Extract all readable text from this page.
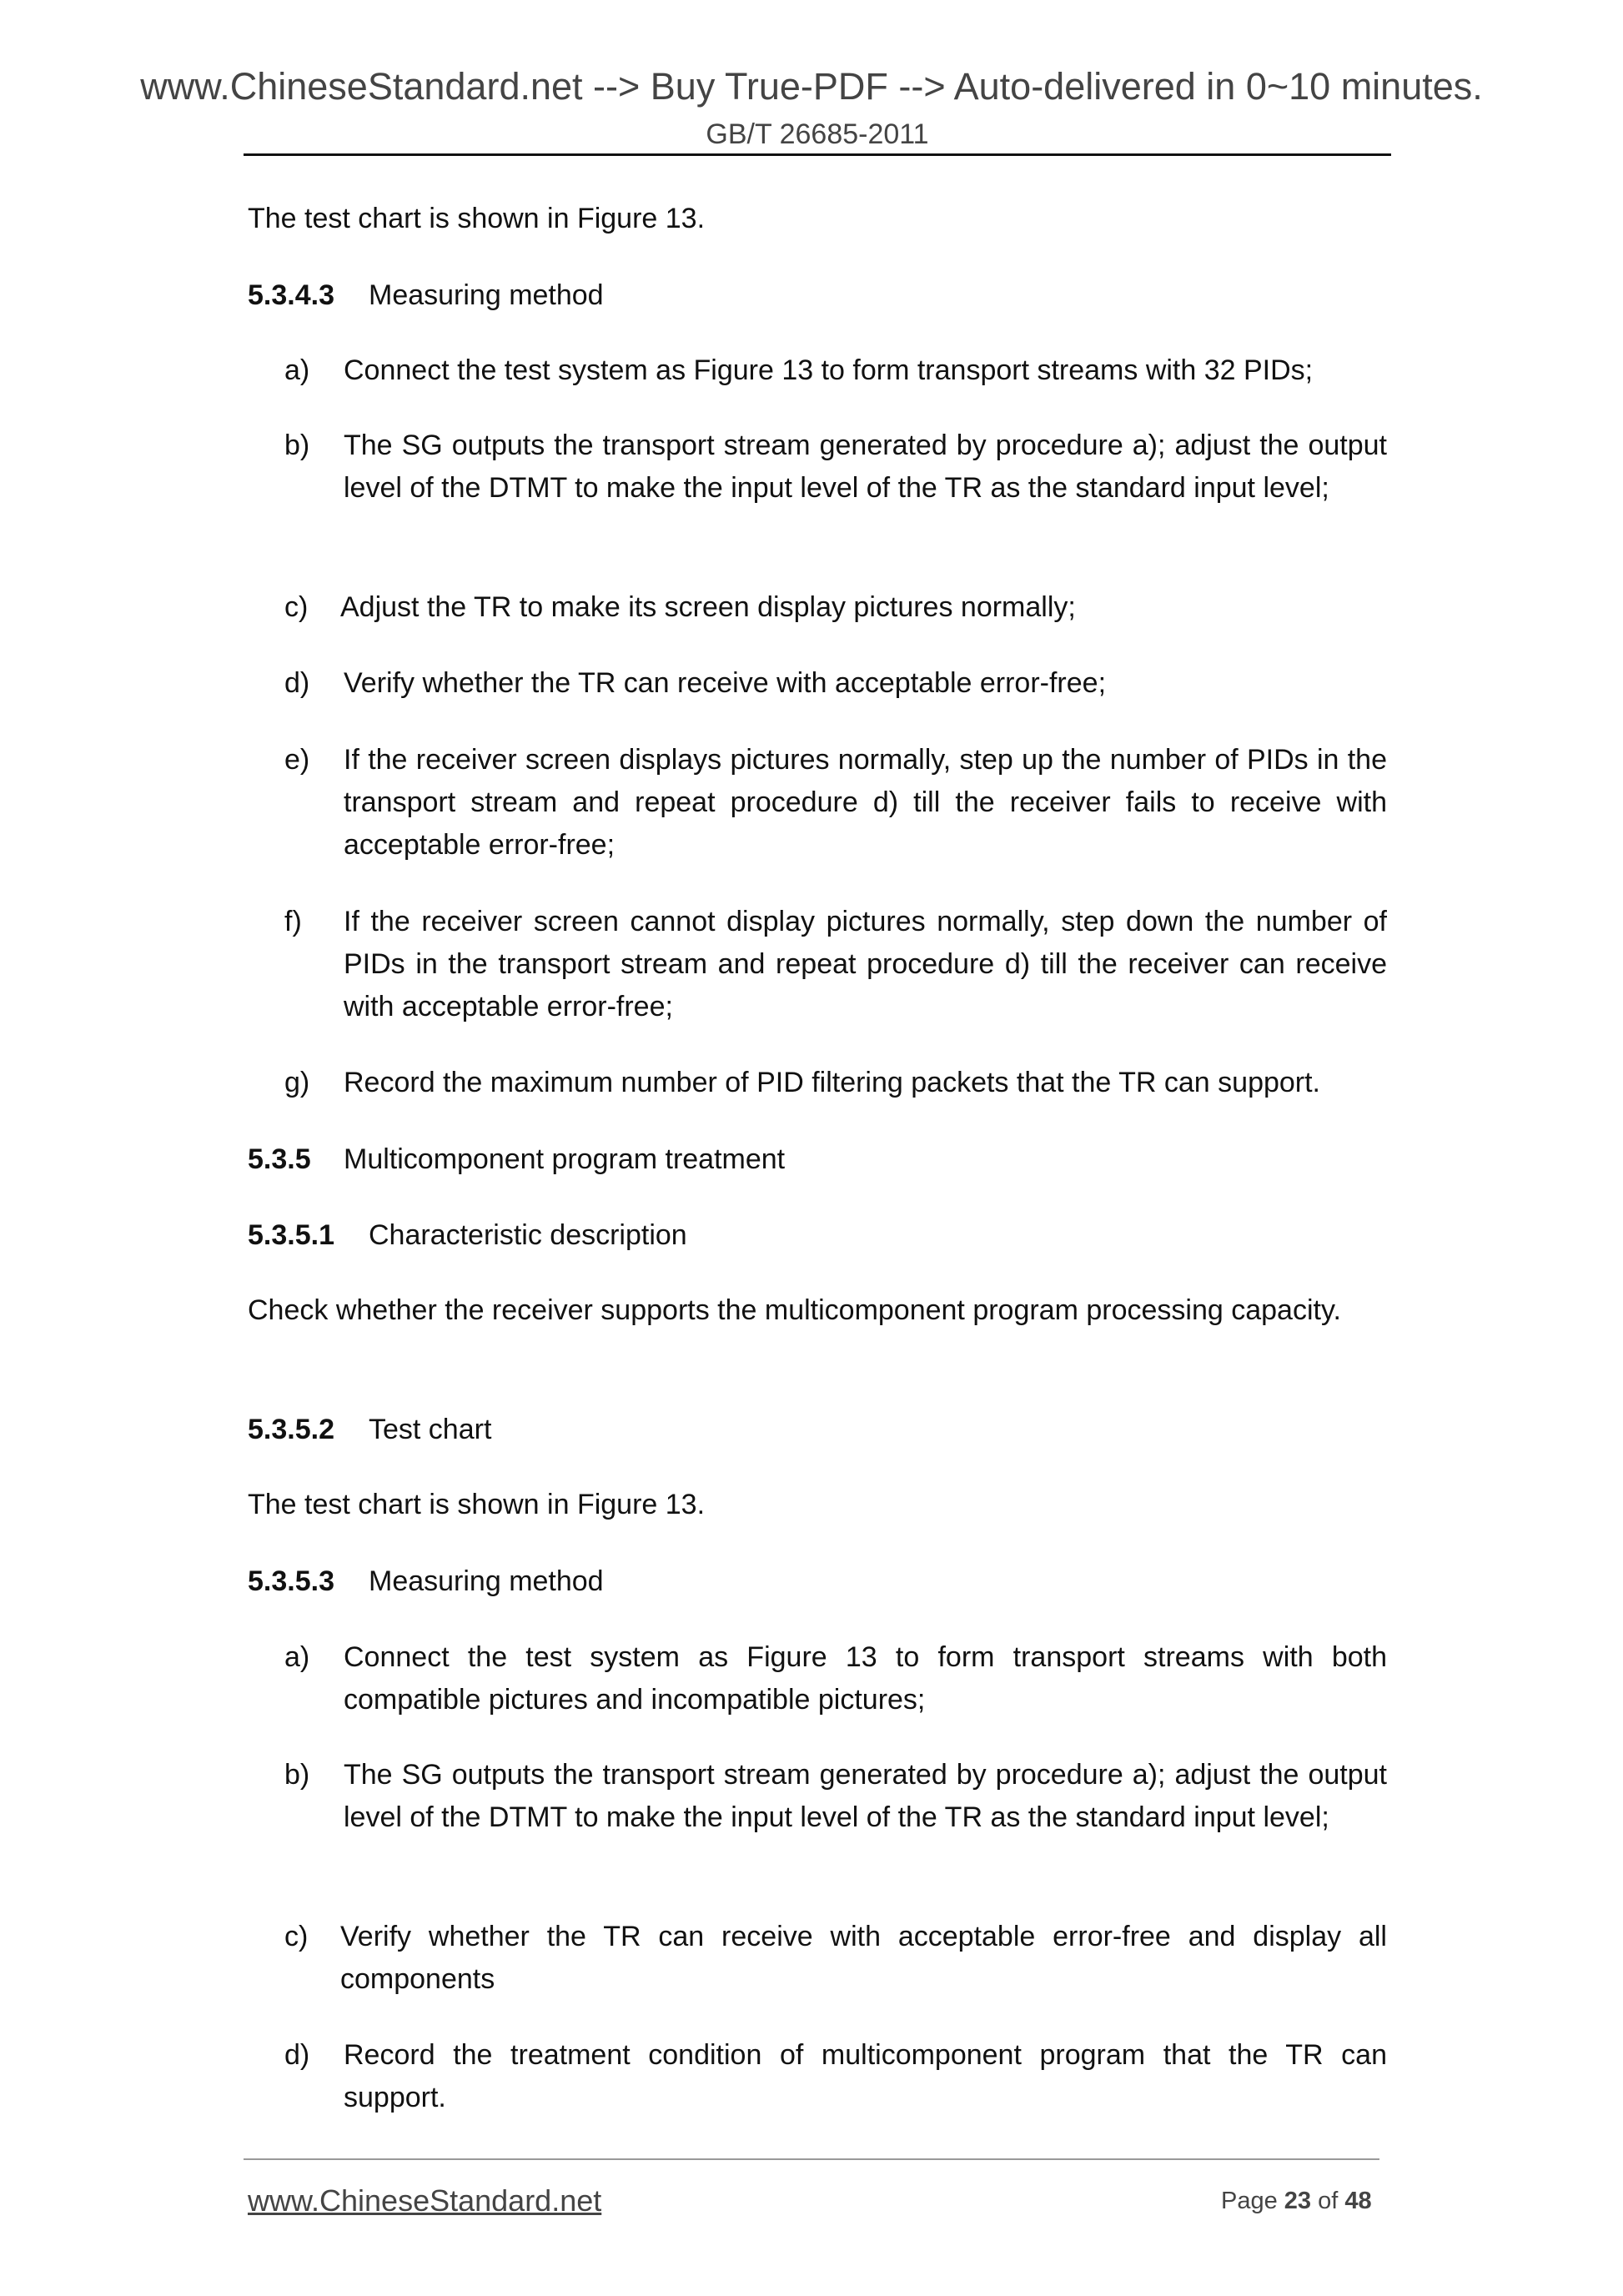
www.ChineseStandard.net --> Buy True-PDF --> Auto-delivered in 0~10 minutes.
GB/T 26685-2011
The test chart is shown in Figure 13.
5.3.4.3 Measuring method
a) Connect the test system as Figure 13 to form transport streams with 32 PIDs;
b) The SG outputs the transport stream generated by procedure a); adjust the output level of the DTMT to make the input level of the TR as the standard input level;
c) Adjust the TR to make its screen display pictures normally;
d) Verify whether the TR can receive with acceptable error-free;
e) If the receiver screen displays pictures normally, step up the number of PIDs in the transport stream and repeat procedure d) till the receiver fails to receive with acceptable error-free;
f) If the receiver screen cannot display pictures normally, step down the number of PIDs in the transport stream and repeat procedure d) till the receiver can receive with acceptable error-free;
g) Record the maximum number of PID filtering packets that the TR can support.
5.3.5 Multicomponent program treatment
5.3.5.1 Characteristic description
Check whether the receiver supports the multicomponent program processing capacity.
5.3.5.2 Test chart
The test chart is shown in Figure 13.
5.3.5.3 Measuring method
a) Connect the test system as Figure 13 to form transport streams with both compatible pictures and incompatible pictures;
b) The SG outputs the transport stream generated by procedure a); adjust the output level of the DTMT to make the input level of the TR as the standard input level;
c) Verify whether the TR can receive with acceptable error-free and display all components
d) Record the treatment condition of multicomponent program that the TR can support.
www.ChineseStandard.net	Page 23 of 48
